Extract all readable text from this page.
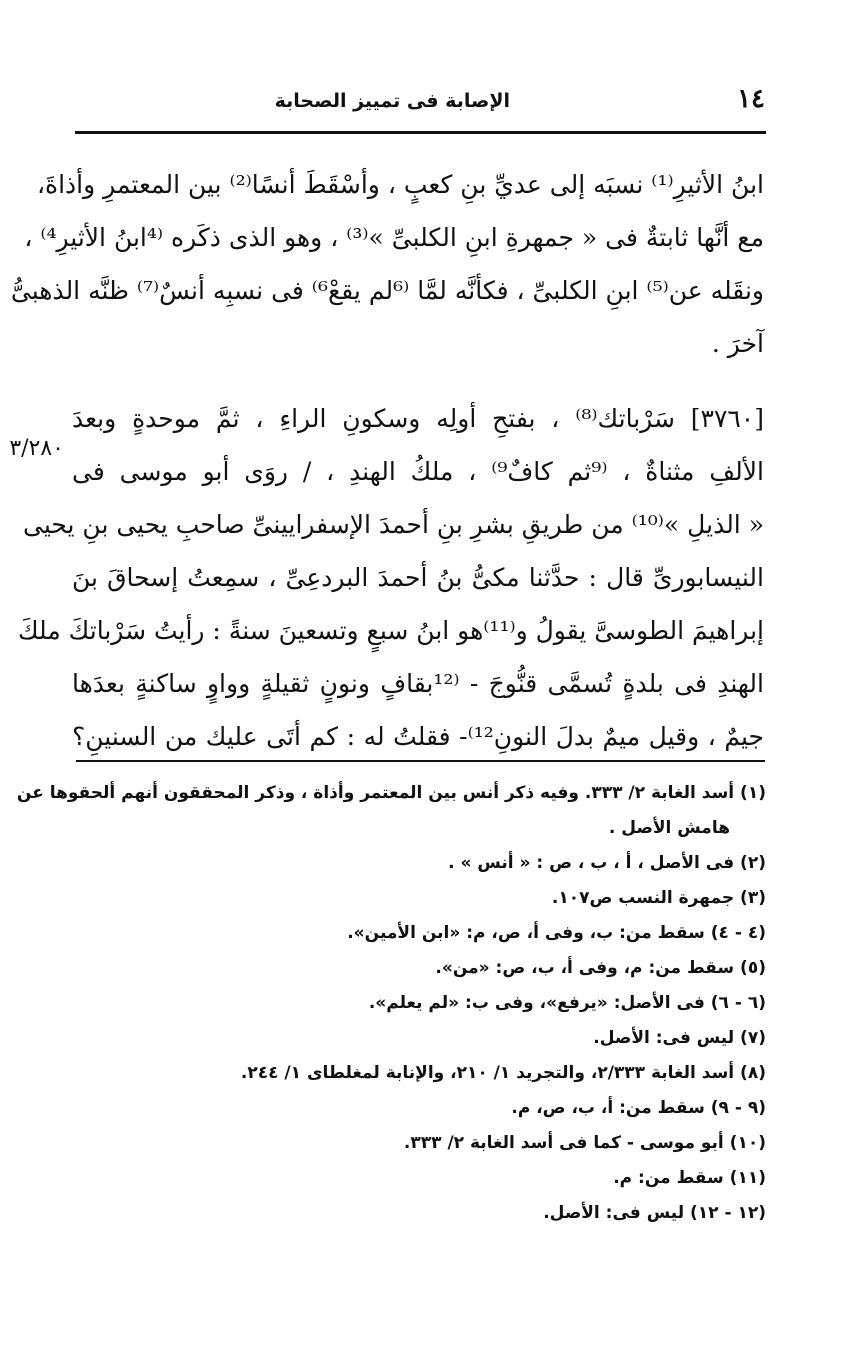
١٤
الإصابة فى تمييز الصحابة
ابنُ الأثيرِ⁽¹⁾ نسبَه إلى عديِّ بنِ كعبٍ ، وأسْقَطَ أنسًا⁽²⁾ بين المعتمرِ وأذاةَ،
مع أنَّها ثابتةٌ فى « جمهرةِ ابنِ الكلبىِّ »⁽³⁾ ، وهو الذى ذكَره ⁽⁴ابنُ الأثيرِ⁴⁾ ،
ونقَله عن⁽⁵⁾ ابنِ الكلبىِّ ، فكأنَّه لمَّا ⁽⁶لم يقعْ⁶⁾ فى نسبِه أنسٌ⁽⁷⁾ ظنَّه الذهبىُّ
آخرَ .
[٣٧٦٠] سَرْباتك⁽⁸⁾ ، بفتحِ أولِه وسكونِ الراءِ ، ثمَّ موحدةٍ وبعدَ
الألفِ مثناةٌ ، ⁽⁹ثم كافٌ⁹⁾ ، ملكُ الهندِ ، / روَى أبو موسى فى
« الذيلِ »⁽¹⁰⁾ من طريقِ بشرِ بنِ أحمدَ الإسفرايينىِّ صاحبِ يحيى بنِ يحيى
النيسابورىِّ قال : حدَّثنا مكىُّ بنُ أحمدَ البردعِىِّ ، سمِعتُ إسحاقَ بنَ
إبراهيمَ الطوسىَّ يقولُ و⁽¹¹⁾هو ابنُ سبعٍ وتسعينَ سنةً : رأيتُ سَرْباتكَ ملكَ
الهندِ فى بلدةٍ تُسمَّى قنُّوجَ - ⁽¹²بقافٍ ونونٍ ثقيلةٍ وواوٍ ساكنةٍ بعدَها
جيمٌ ، وقيل ميمٌ بدلَ النونِ¹²⁾- فقلتُ له : كم أتَى عليك من السنينِ؟
٣/٢٨٠
(١) أسد الغابة ٢/ ٣٣٣. وفيه ذكر أنس بين المعتمر وأذاة ، وذكر المحققون أنهم ألحقوها عن
هامش الأصل .
(٢) فى الأصل ، أ ، ب ، ص : « أنس » .
(٣) جمهرة النسب ص١٠٧.
(٤ - ٤) سقط من: ب، وفى أ، ص، م: «ابن الأمين».
(٥) سقط من: م، وفى أ، ب، ص: «من».
(٦ - ٦) فى الأصل: «يرفع»، وفى ب: «لم يعلم».
(٧) ليس فى: الأصل.
(٨) أسد الغابة ٢/٣٣٣، والتجريد ١/ ٢١٠، والإنابة لمغلطاى ١/ ٢٤٤.
(٩ - ٩) سقط من: أ، ب، ص، م.
(١٠) أبو موسى - كما فى أسد الغابة ٢/ ٣٣٣.
(١١) سقط من: م.
(١٢ - ١٢) ليس فى: الأصل.
